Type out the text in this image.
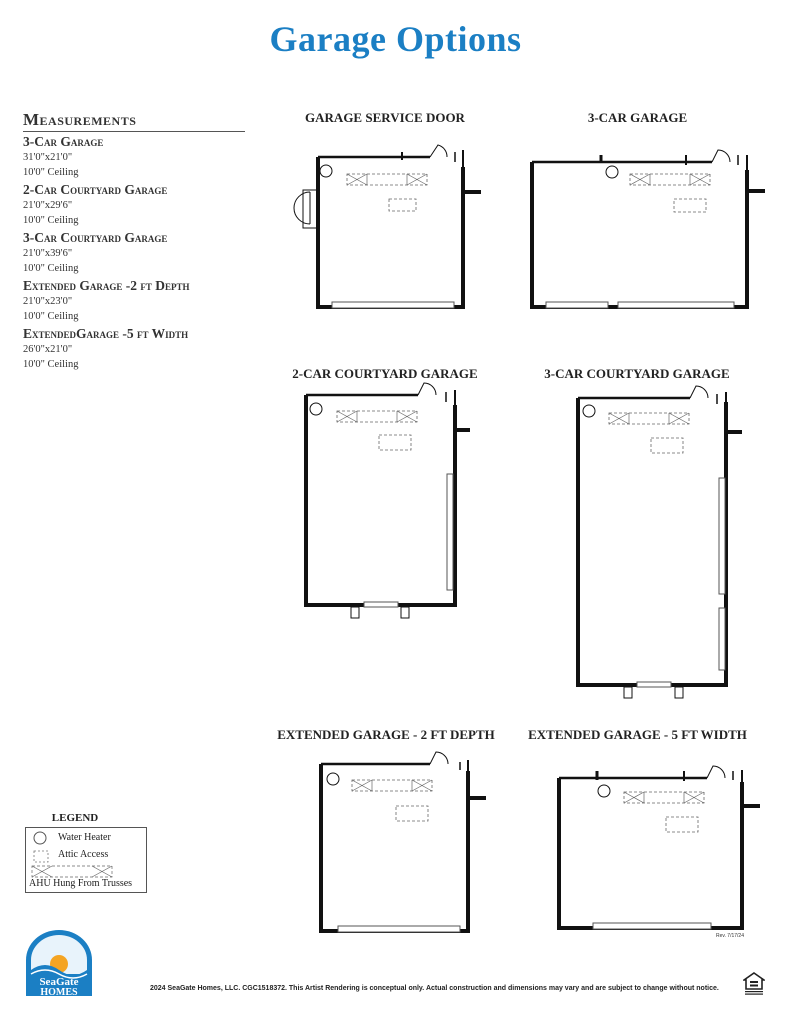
Garage Options
Measurements
3-Car Garage
31'0"x21'0"
10'0" Ceiling
2-Car Courtyard Garage
21'0"x29'6"
10'0" Ceiling
3-Car Courtyard Garage
21'0"x39'6"
10'0" Ceiling
Extended Garage -2 ft Depth
21'0"x23'0"
10'0" Ceiling
ExtendedGarage -5 ft Width
26'0"x21'0"
10'0" Ceiling
GARAGE SERVICE DOOR	3-CAR GARAGE
2-CAR COURTYARD GARAGE	3-CAR COURTYARD GARAGE
EXTENDED GARAGE - 2 FT DEPTH	EXTENDED GARAGE - 5 FT WIDTH
LEGEND
Water Heater
Attic Access
AHU Hung From Trusses
SeaGate
HOMES
Rev. 7/17/24
2024 SeaGate Homes, LLC. CGC1518372. This Artist Rendering is conceptual only. Actual construction and dimensions may vary and are subject to change without notice.
